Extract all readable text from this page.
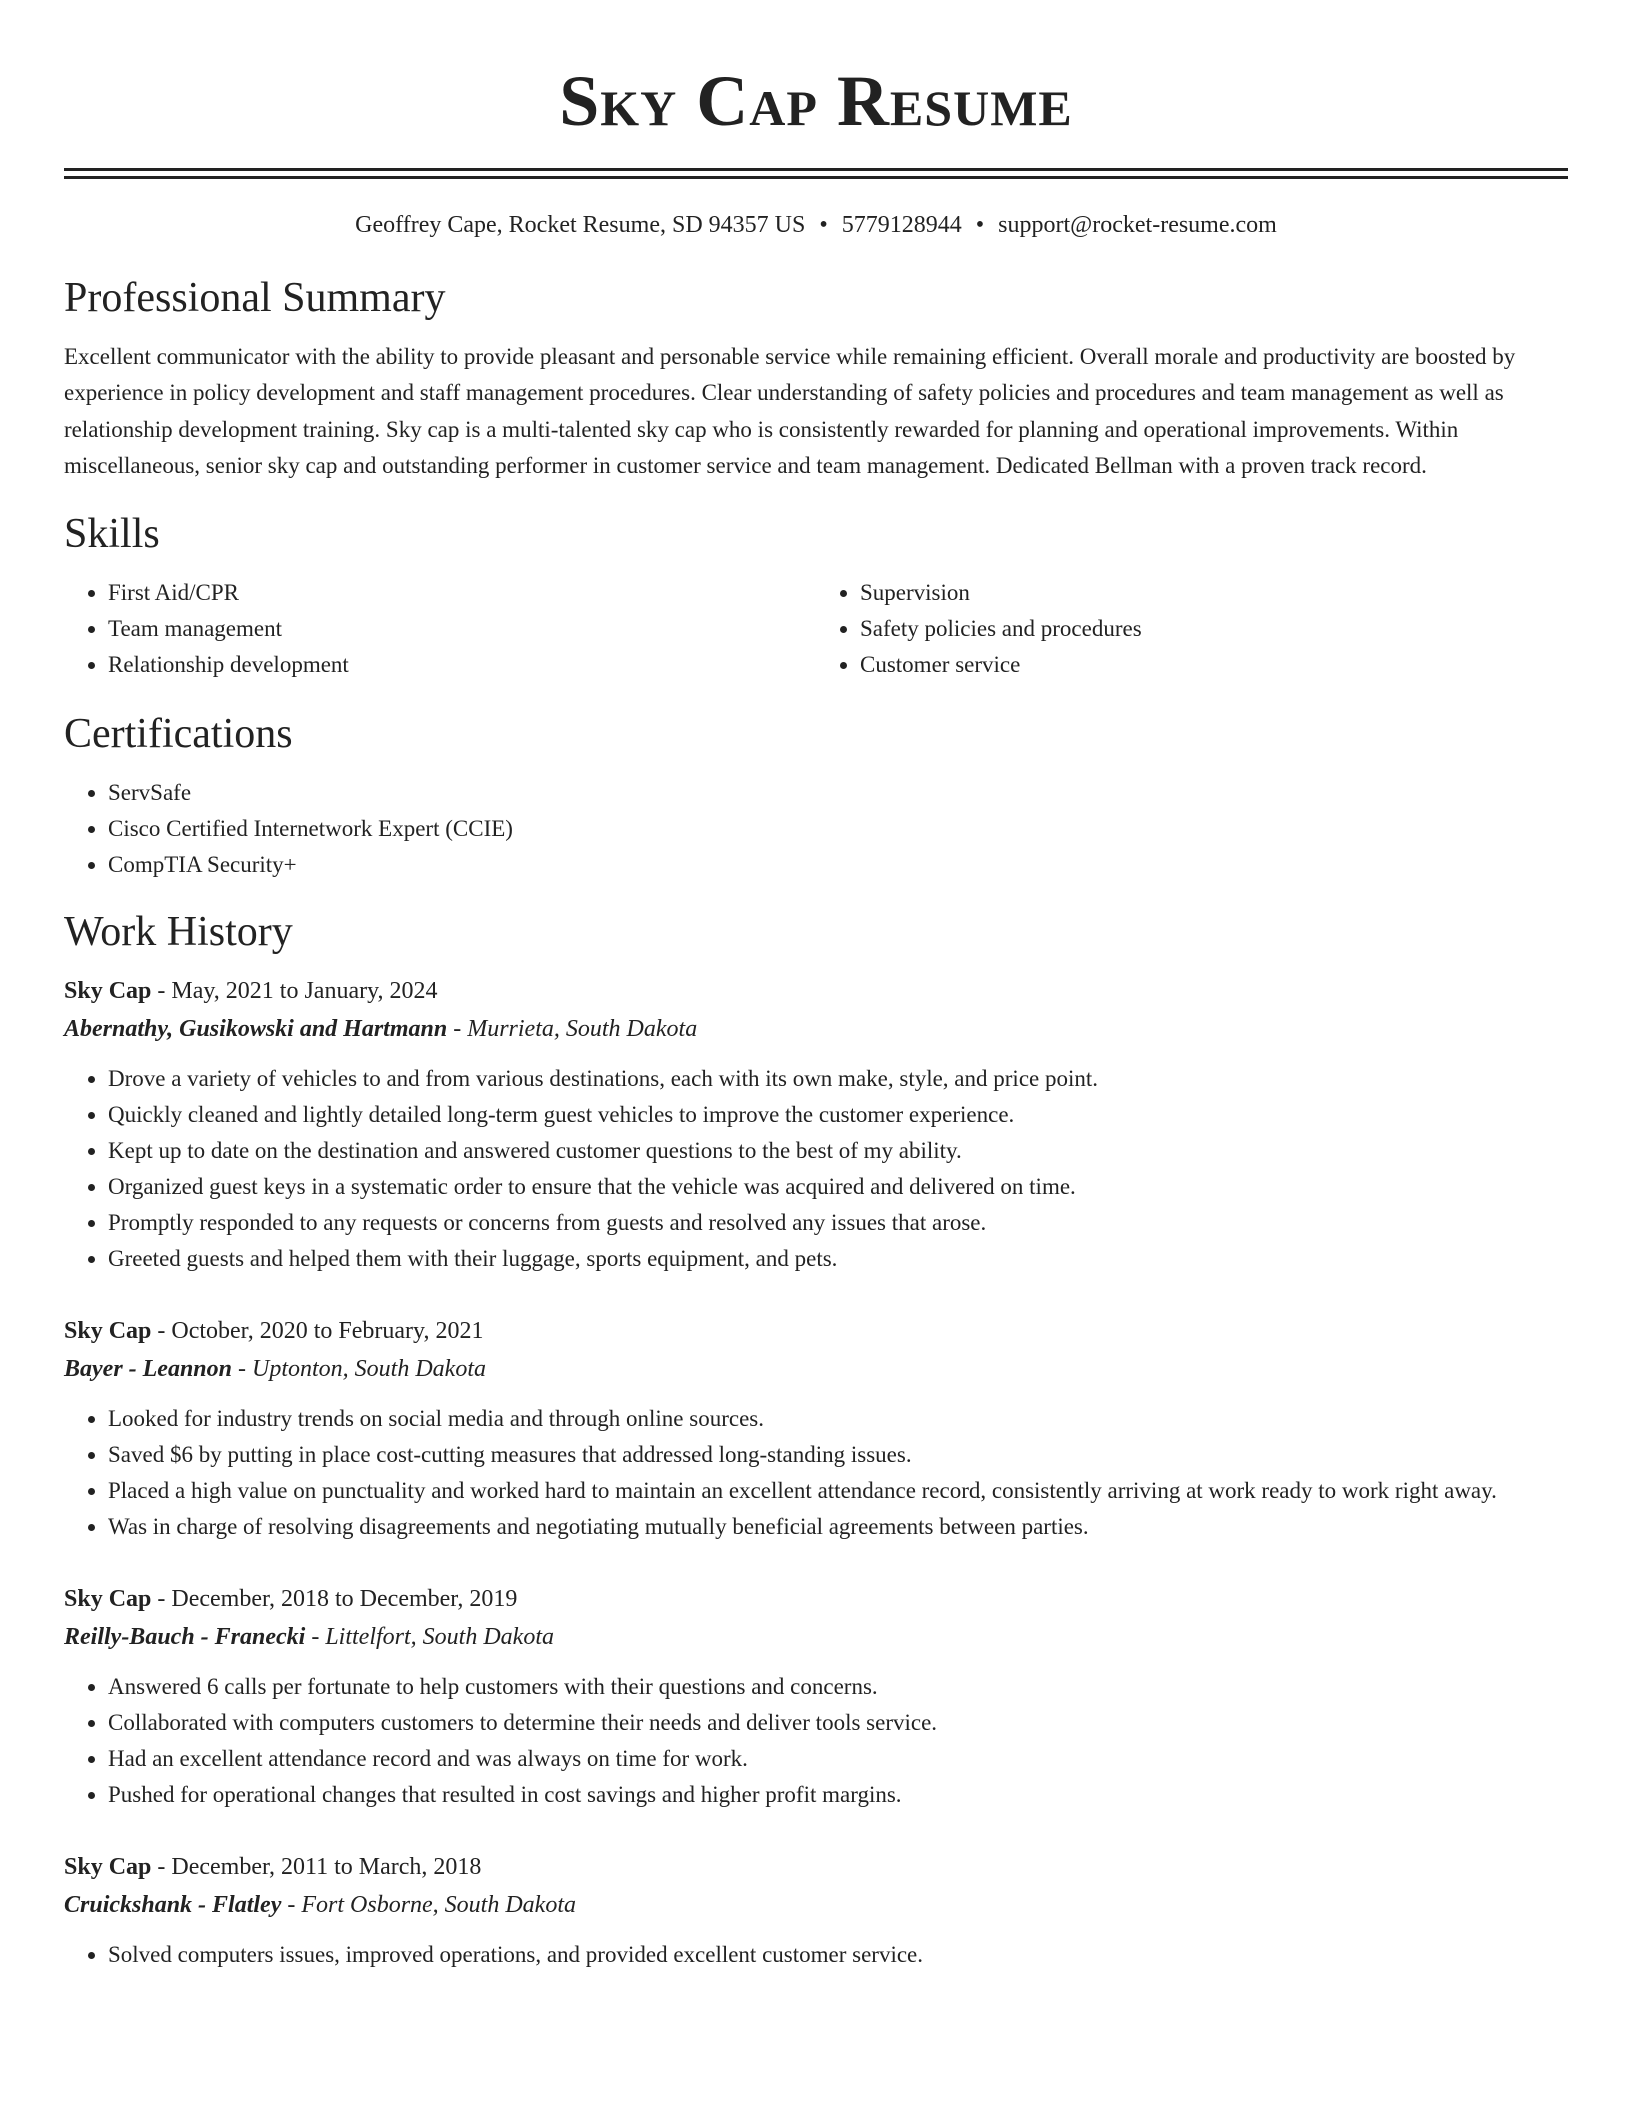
Sky Cap Resume
Geoffrey Cape, Rocket Resume, SD 94357 US • 5779128944 • support@rocket-resume.com
Professional Summary

Excellent communicator with the ability to provide pleasant and personable service while remaining efficient. Overall morale and productivity are boosted by experience in policy development and staff management procedures. Clear understanding of safety policies and procedures and team management as well as relationship development training. Sky cap is a multi-talented sky cap who is consistently rewarded for planning and operational improvements. Within miscellaneous, senior sky cap and outstanding performer in customer service and team management. Dedicated Bellman with a proven track record.

Skills
• First Aid/CPR
• Team management
• Relationship development
• Supervision
• Safety policies and procedures
• Customer service
Certifications
• ServSafe
• Cisco Certified Internetwork Expert (CCIE)
• CompTIA Security+
Work History
Sky Cap - May, 2021 to January, 2024
Abernathy, Gusikowski and Hartmann - Murrieta, South Dakota
• Drove a variety of vehicles to and from various destinations, each with its own make, style, and price point.
• Quickly cleaned and lightly detailed long-term guest vehicles to improve the customer experience.
• Kept up to date on the destination and answered customer questions to the best of my ability.
• Organized guest keys in a systematic order to ensure that the vehicle was acquired and delivered on time.
• Promptly responded to any requests or concerns from guests and resolved any issues that arose.
• Greeted guests and helped them with their luggage, sports equipment, and pets.
Sky Cap - October, 2020 to February, 2021
Bayer - Leannon - Uptonton, South Dakota
• Looked for industry trends on social media and through online sources.
• Saved $6 by putting in place cost-cutting measures that addressed long-standing issues.
• Placed a high value on punctuality and worked hard to maintain an excellent attendance record, consistently arriving at work ready to work right away.
• Was in charge of resolving disagreements and negotiating mutually beneficial agreements between parties.
Sky Cap - December, 2018 to December, 2019
Reilly-Bauch - Franecki - Littelfort, South Dakota
• Answered 6 calls per fortunate to help customers with their questions and concerns.
• Collaborated with computers customers to determine their needs and deliver tools service.
• Had an excellent attendance record and was always on time for work.
• Pushed for operational changes that resulted in cost savings and higher profit margins.
Sky Cap - December, 2011 to March, 2018
Cruickshank - Flatley - Fort Osborne, South Dakota
• Solved computers issues, improved operations, and provided excellent customer service.
